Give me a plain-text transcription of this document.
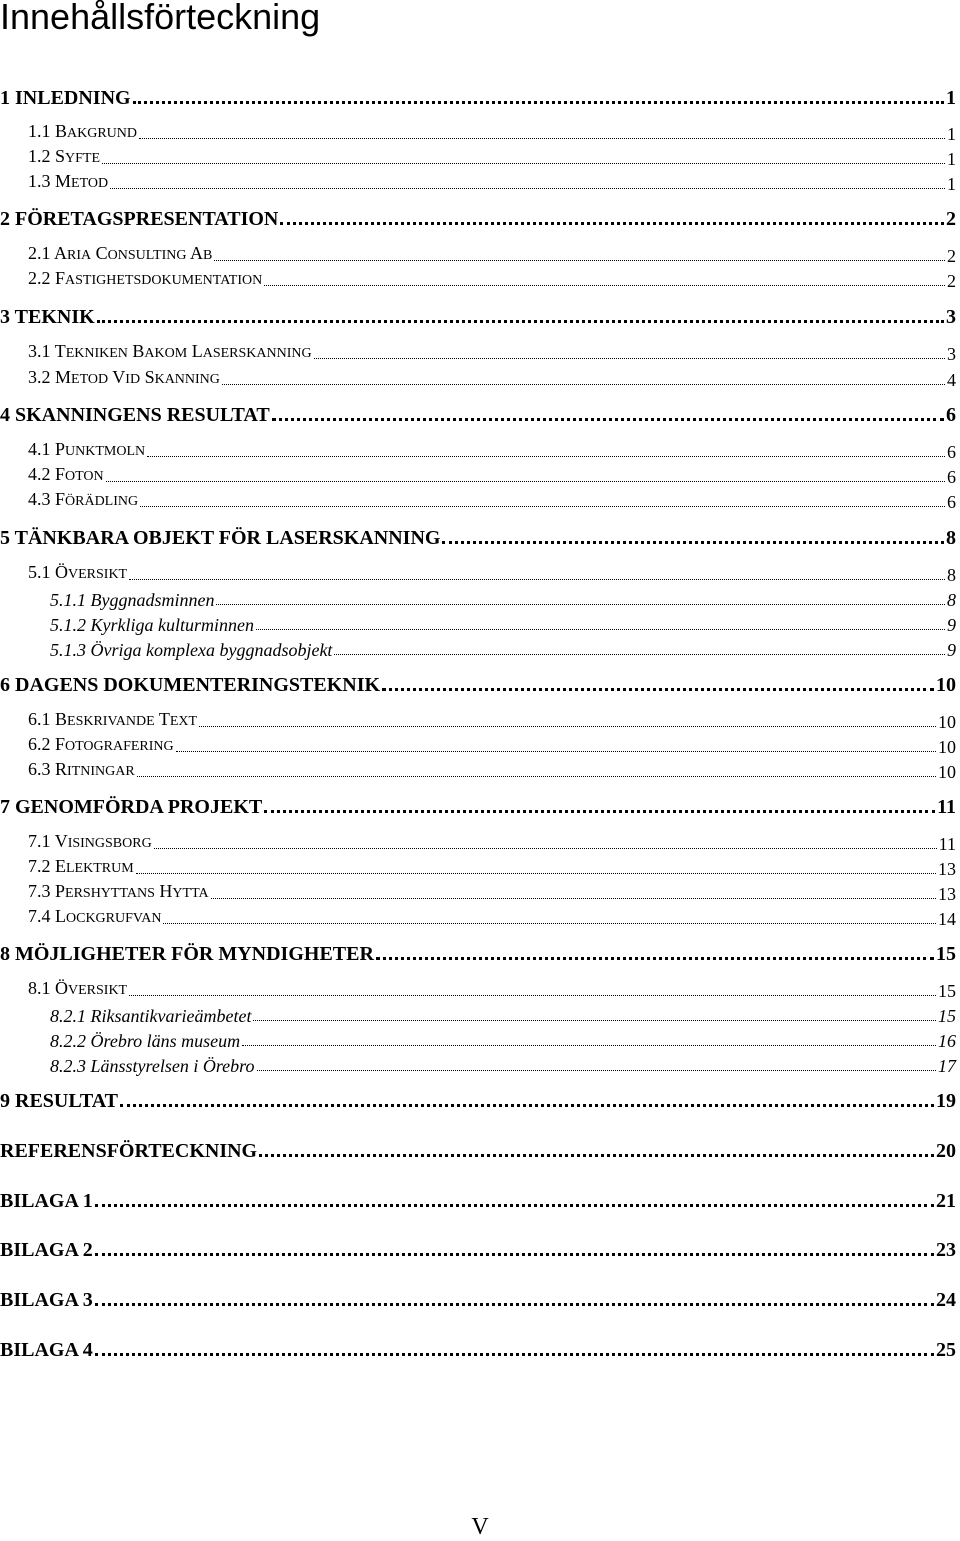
Innehållsförteckning
1 INLEDNING	1
1.1 BAKGRUND	1
1.2 SYFTE	1
1.3 METOD	1
2 FÖRETAGSPRESENTATION	2
2.1 ARIA CONSULTING AB	2
2.2 FASTIGHETSDOKUMENTATION	2
3 TEKNIK	3
3.1 TEKNIKEN BAKOM LASERSKANNING	3
3.2 METOD VID SKANNING	4
4 SKANNINGENS RESULTAT	6
4.1 PUNKTMOLN	6
4.2 FOTON	6
4.3 FÖRÄDLING	6
5 TÄNKBARA OBJEKT FÖR LASERSKANNING	8
5.1 ÖVERSIKT	8
5.1.1 Byggnadsminnen	8
5.1.2 Kyrkliga kulturminnen	9
5.1.3 Övriga komplexa byggnadsobjekt	9
6 DAGENS DOKUMENTERINGSTEKNIK	10
6.1 BESKRIVANDE TEXT	10
6.2 FOTOGRAFERING	10
6.3 RITNINGAR	10
7 GENOMFÖRDA PROJEKT	11
7.1 VISINGSBORG	11
7.2 ELEKTRUM	13
7.3 PERSHYTTANS HYTTA	13
7.4 LOCKGRUFVAN	14
8 MÖJLIGHETER FÖR MYNDIGHETER	15
8.1 ÖVERSIKT	15
8.2.1 Riksantikvarieämbetet	15
8.2.2 Örebro läns museum	16
8.2.3 Länsstyrelsen i Örebro	17
9 RESULTAT	19
REFERENSFÖRTECKNING	20
BILAGA 1	21
BILAGA 2	23
BILAGA 3	24
BILAGA 4	25
V
